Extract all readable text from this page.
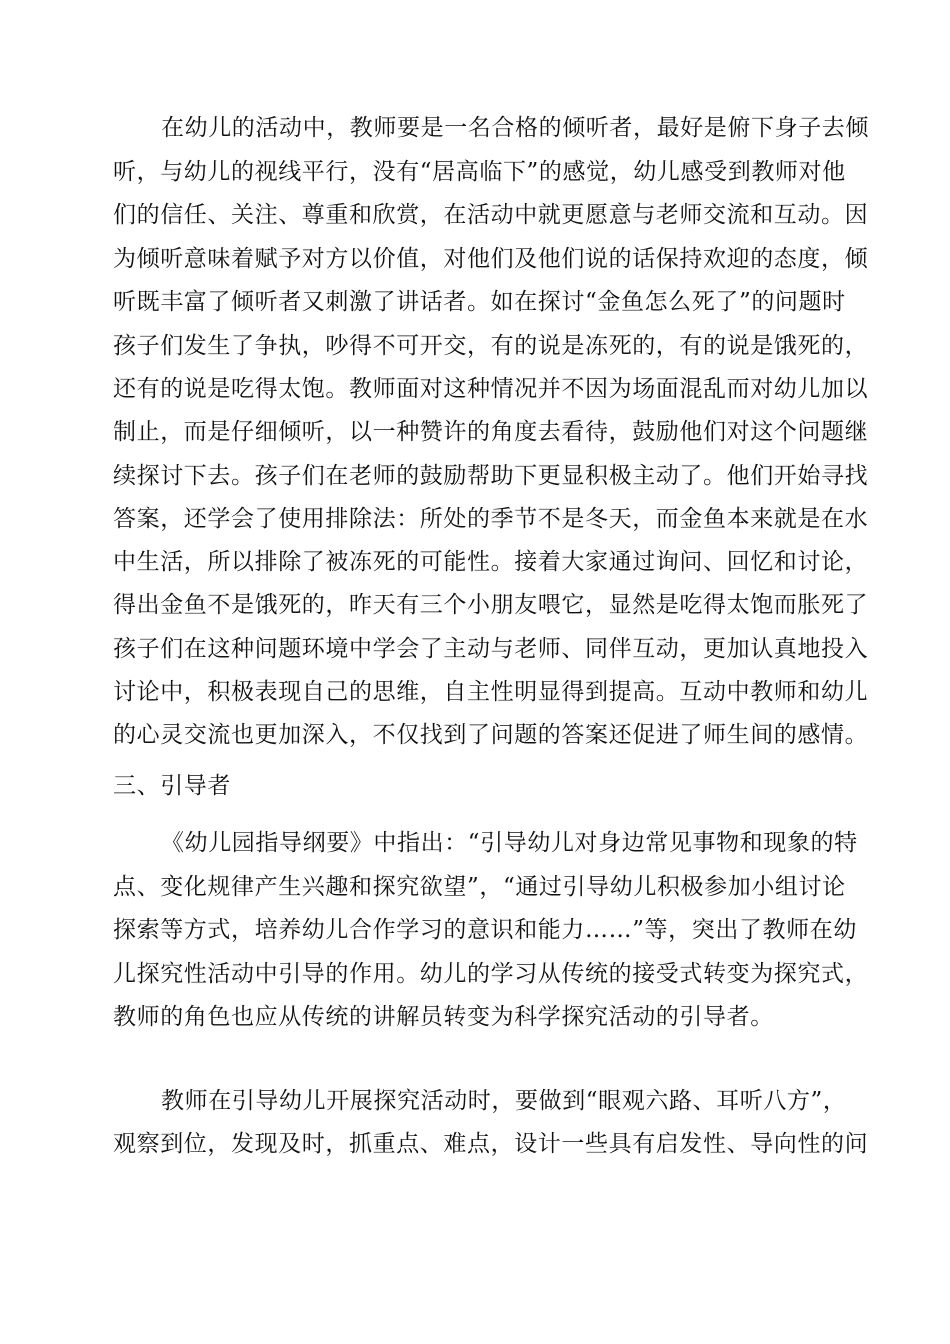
在幼儿的活动中，教师要是一名合格的倾听者，最好是俯下身子去倾
听，与幼儿的视线平行，没有“居高临下”的感觉，幼儿感受到教师对他
们的信任、关注、尊重和欣赏，在活动中就更愿意与老师交流和互动。因
为倾听意味着赋予对方以价值，对他们及他们说的话保持欢迎的态度，倾
听既丰富了倾听者又刺激了讲话者。如在探讨“金鱼怎么死了”的问题时
孩子们发生了争执，吵得不可开交，有的说是冻死的，有的说是饿死的，
还有的说是吃得太饱。教师面对这种情况并不因为场面混乱而对幼儿加以
制止，而是仔细倾听，以一种赞许的角度去看待，鼓励他们对这个问题继
续探讨下去。孩子们在老师的鼓励帮助下更显积极主动了。他们开始寻找
答案，还学会了使用排除法：所处的季节不是冬天，而金鱼本来就是在水
中生活，所以排除了被冻死的可能性。接着大家通过询问、回忆和讨论，
得出金鱼不是饿死的，昨天有三个小朋友喂它，显然是吃得太饱而胀死了
孩子们在这种问题环境中学会了主动与老师、同伴互动，更加认真地投入
讨论中，积极表现自己的思维，自主性明显得到提高。互动中教师和幼儿
的心灵交流也更加深入，不仅找到了问题的答案还促进了师生间的感情。
三、引导者
《幼儿园指导纲要》中指出：“引导幼儿对身边常见事物和现象的特
点、变化规律产生兴趣和探究欲望”，“通过引导幼儿积极参加小组讨论
探索等方式，培养幼儿合作学习的意识和能力……”等，突出了教师在幼
儿探究性活动中引导的作用。幼儿的学习从传统的接受式转变为探究式，
教师的角色也应从传统的讲解员转变为科学探究活动的引导者。
教师在引导幼儿开展探究活动时，要做到“眼观六路、耳听八方”，
观察到位，发现及时，抓重点、难点，设计一些具有启发性、导向性的问
